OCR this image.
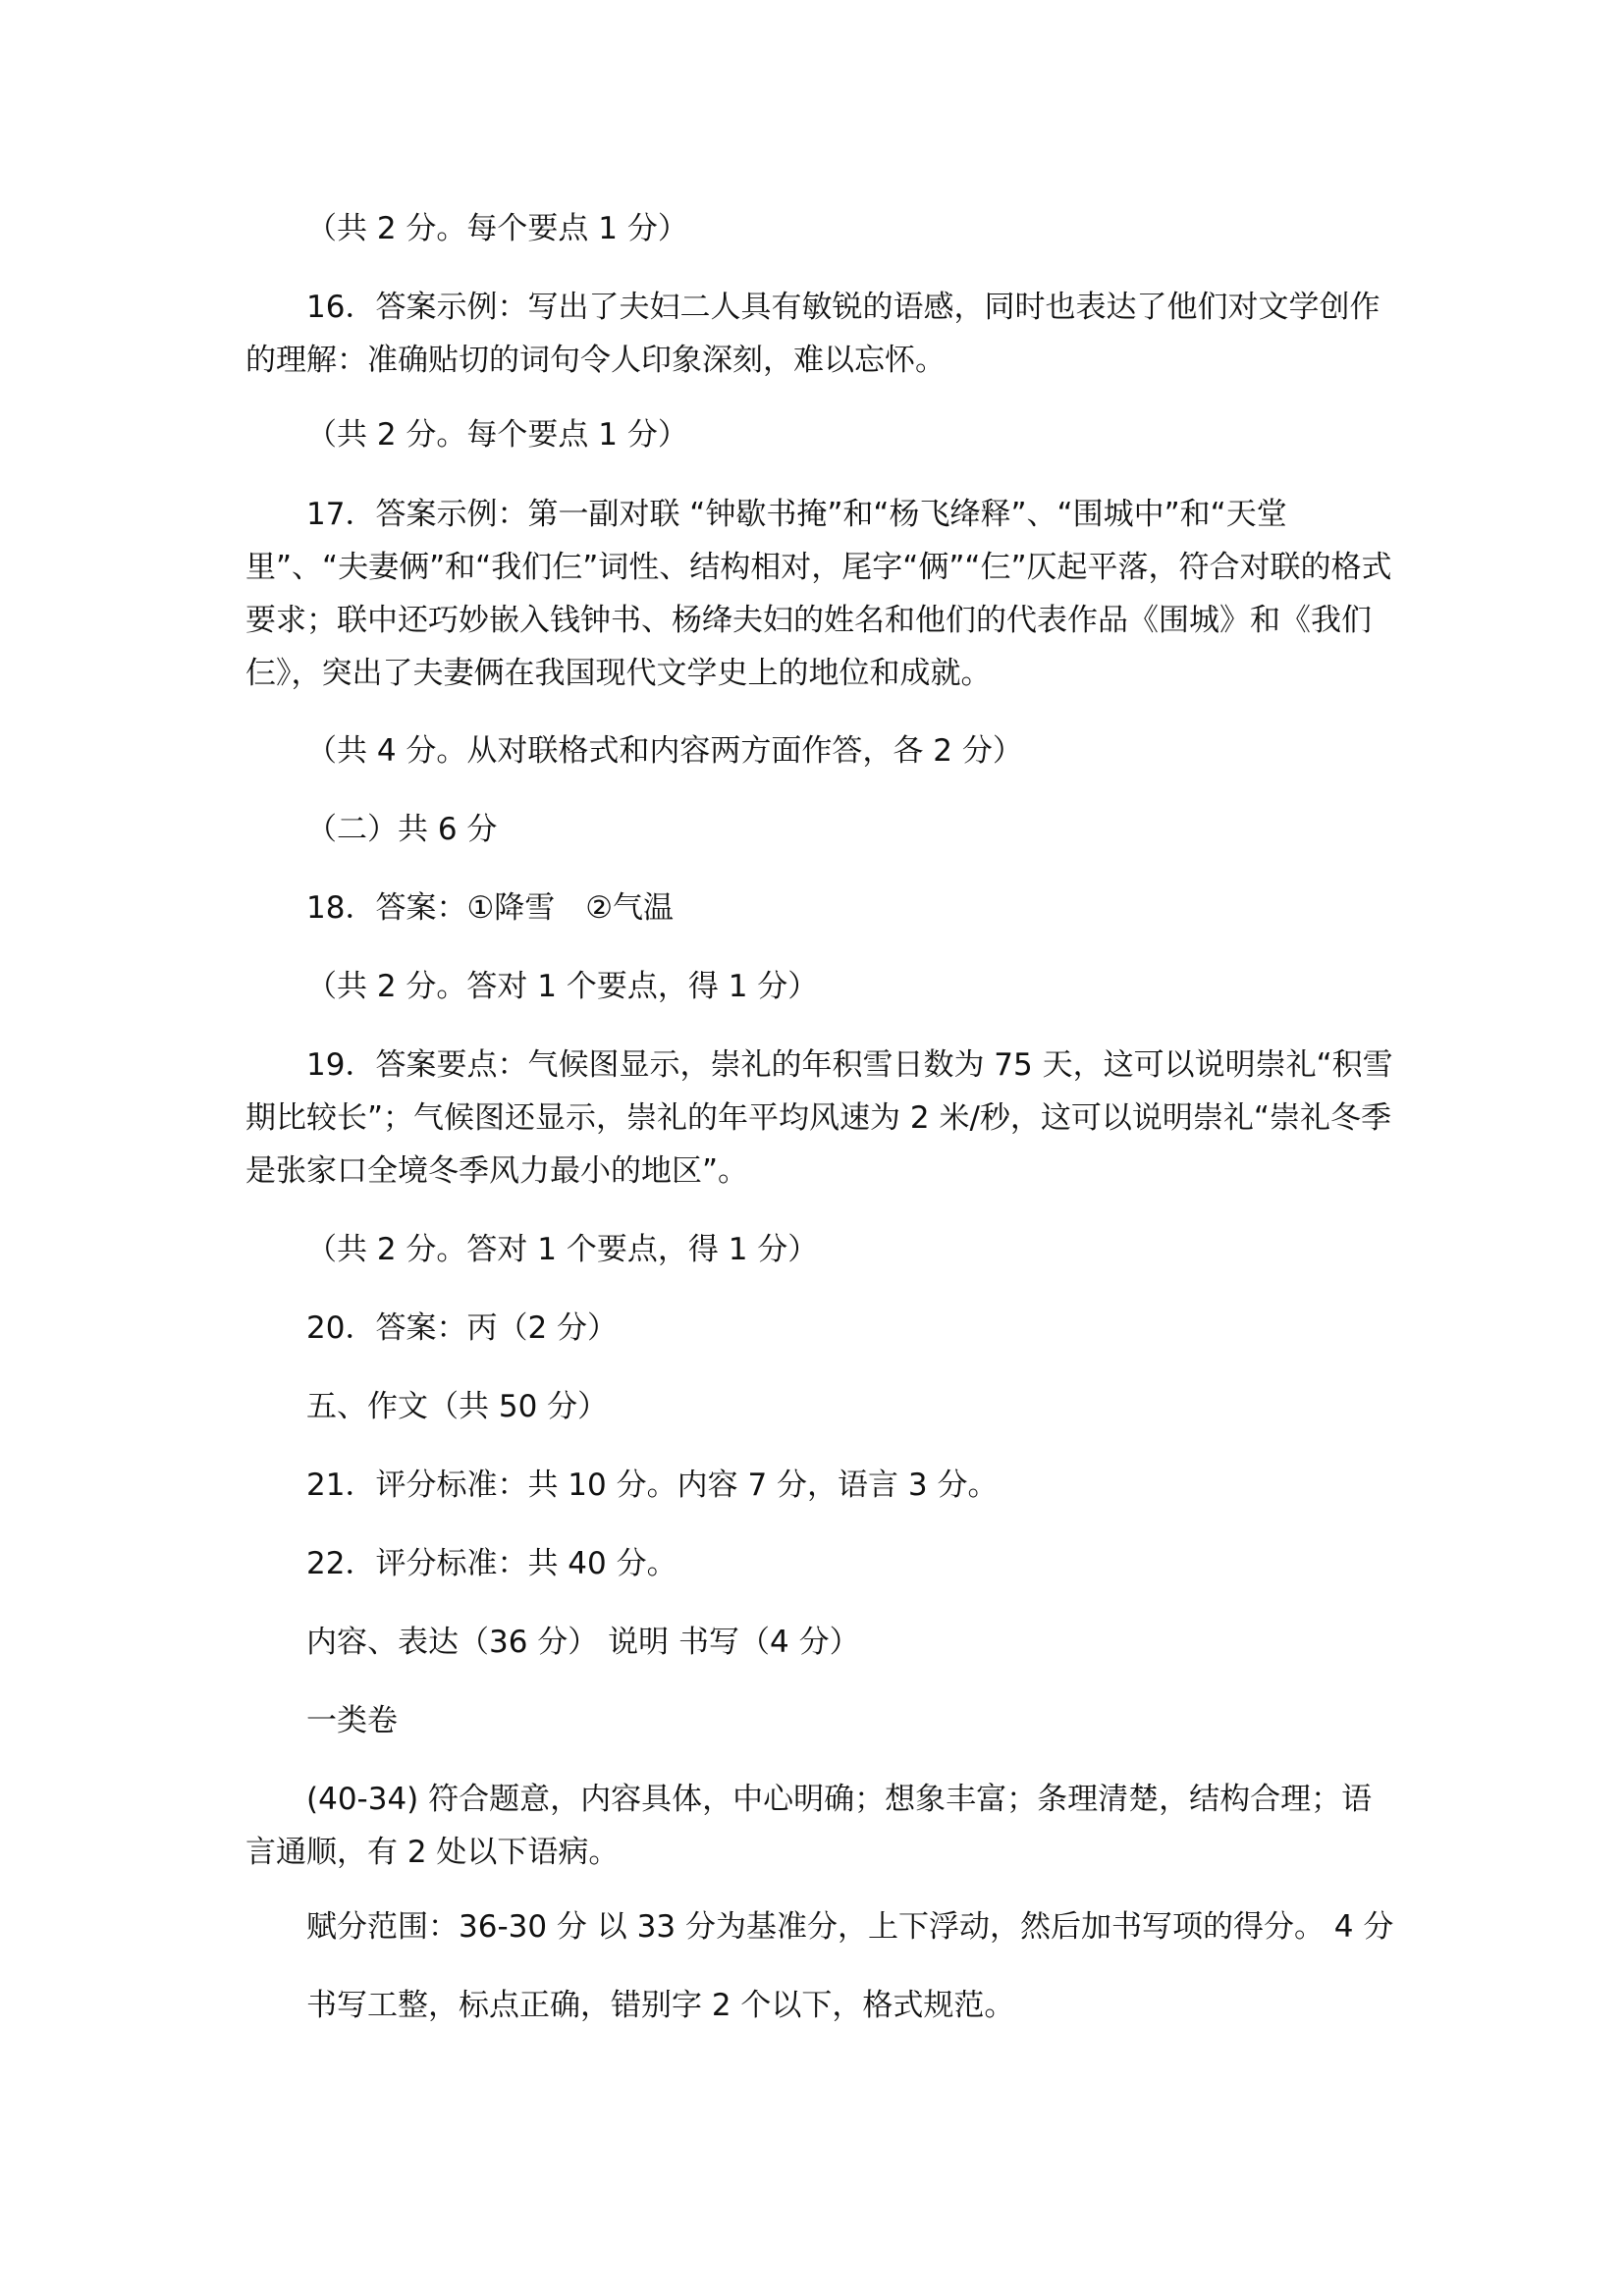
（共 2 分。每个要点 1 分）

16．答案示例：写出了夫妇二人具有敏锐的语感，同时也表达了他们对文学创作的理解：准确贴切的词句令人印象深刻，难以忘怀。

（共 2 分。每个要点 1 分）

17．答案示例：第一副对联 “钟歇书掩”和“杨飞绛释”、“围城中”和“天堂里”、“夫妻俩”和“我们仨”词性、结构相对，尾字“俩”“仨”仄起平落，符合对联的格式要求；联中还巧妙嵌入钱钟书、杨绛夫妇的姓名和他们的代表作品《围城》和《我们仨》，突出了夫妻俩在我国现代文学史上的地位和成就。

（共 4 分。从对联格式和内容两方面作答，各 2 分）

（二）共 6 分

18．答案：①降雪　②气温

（共 2 分。答对 1 个要点，得 1 分）

19．答案要点：气候图显示，崇礼的年积雪日数为 75 天，这可以说明崇礼“积雪期比较长”；气候图还显示，崇礼的年平均风速为 2 米/秒，这可以说明崇礼“崇礼冬季是张家口全境冬季风力最小的地区”。

（共 2 分。答对 1 个要点，得 1 分）

20．答案：丙（2 分）

五、作文（共 50 分）

21．评分标准：共 10 分。内容 7 分，语言 3 分。

22．评分标准：共 40 分。

内容、表达（36 分） 说明 书写（4 分）

一类卷

(40-34) 符合题意，内容具体，中心明确；想象丰富；条理清楚，结构合理；语言通顺，有 2 处以下语病。

赋分范围：36-30 分 以 33 分为基准分，上下浮动，然后加书写项的得分。 4 分

书写工整，标点正确，错别字 2 个以下，格式规范。
